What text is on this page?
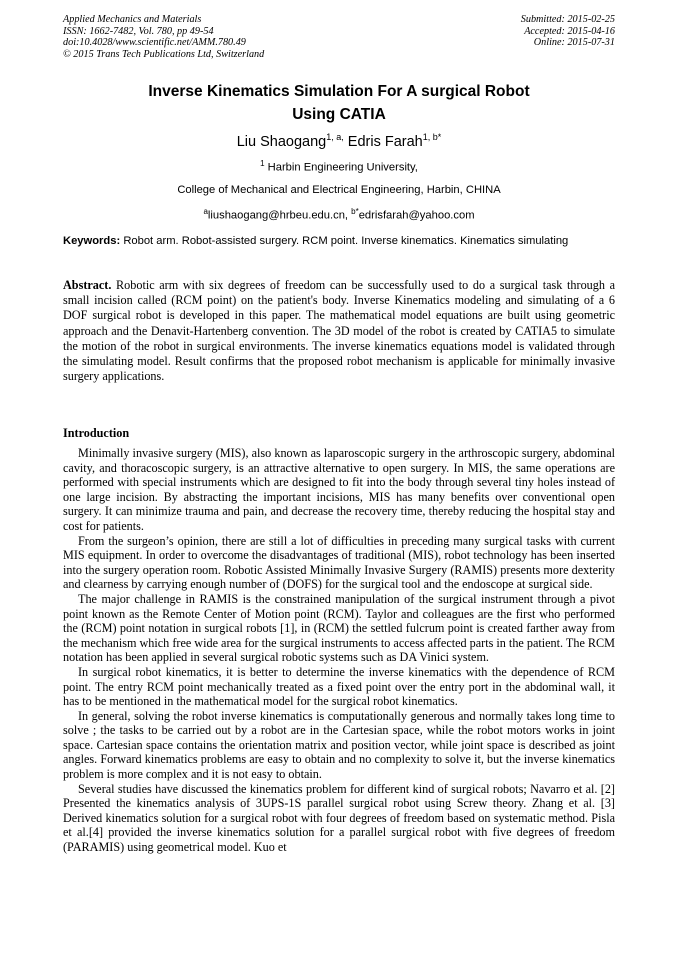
Applied Mechanics and Materials
ISSN: 1662-7482, Vol. 780, pp 49-54
doi:10.4028/www.scientific.net/AMM.780.49
© 2015 Trans Tech Publications Ltd, Switzerland
Submitted: 2015-02-25
Accepted: 2015-04-16
Online: 2015-07-31
Inverse Kinematics Simulation For A surgical Robot
Using CATIA
Liu Shaogang$^{1, a,}$ Edris Farah$^{1, b*}$
$^1$ Harbin Engineering University,
College of Mechanical and Electrical Engineering, Harbin, CHINA
$^a$liushaogang@hrbeu.edu.cn, $^{b*}$edrisfarah@yahoo.com
Keywords: Robot arm. Robot-assisted surgery. RCM point. Inverse kinematics. Kinematics simulating
Abstract. Robotic arm with six degrees of freedom can be successfully used to do a surgical task through a small incision called (RCM point) on the patient's body. Inverse Kinematics modeling and simulating of a 6 DOF surgical robot is developed in this paper. The mathematical model equations are built using geometric approach and the Denavit-Hartenberg convention. The 3D model of the robot is created by CATIA5 to simulate the motion of the robot in surgical environments. The inverse kinematics equations model is validated through the simulating model. Result confirms that the proposed robot mechanism is applicable for minimally invasive surgery applications.
Introduction

Minimally invasive surgery (MIS), also known as laparoscopic surgery in the arthroscopic surgery, abdominal cavity, and thoracoscopic surgery, is an attractive alternative to open surgery. In MIS, the same operations are performed with special instruments which are designed to fit into the body through several tiny holes instead of one large incision. By abstracting the important incisions, MIS has many benefits over conventional open surgery. It can minimize trauma and pain, and decrease the recovery time, thereby reducing the hospital stay and cost for patients.

From the surgeon’s opinion, there are still a lot of difficulties in preceding many surgical tasks with current MIS equipment. In order to overcome the disadvantages of traditional (MIS), robot technology has been inserted into the surgery operation room. Robotic Assisted Minimally Invasive Surgery (RAMIS) presents more dexterity and clearness by carrying enough number of (DOFS) for the surgical tool and the endoscope at surgical side.

The major challenge in RAMIS is the constrained manipulation of the surgical instrument through a pivot point known as the Remote Center of Motion point (RCM). Taylor and colleagues are the first who performed the (RCM) point notation in surgical robots [1], in (RCM) the settled fulcrum point is created farther away from the mechanism which free wide area for the surgical instruments to access affected parts in the patient. The RCM notation has been applied in several surgical robotic systems such as DA Vinici system.

In surgical robot kinematics, it is better to determine the inverse kinematics with the dependence of RCM point. The entry RCM point mechanically treated as a fixed point over the entry port in the abdominal wall, it has to be mentioned in the mathematical model for the surgical robot kinematics.

In general, solving the robot inverse kinematics is computationally generous and normally takes long time to solve ; the tasks to be carried out by a robot are in the Cartesian space, while the robot motors works in joint space. Cartesian space contains the orientation matrix and position vector, while joint space is described as joint angles. Forward kinematics problems are easy to obtain and no complexity to solve it, but the inverse kinematics problem is more complex and it is not easy to obtain.

Several studies have discussed the kinematics problem for different kind of surgical robots; Navarro et al. [2] Presented the kinematics analysis of 3UPS-1S parallel surgical robot using Screw theory. Zhang et al. [3] Derived kinematics solution for a surgical robot with four degrees of freedom based on systematic method. Pisla et al.[4] provided the inverse kinematics solution for a parallel surgical robot with five degrees of freedom (PARAMIS) using geometrical model. Kuo et
